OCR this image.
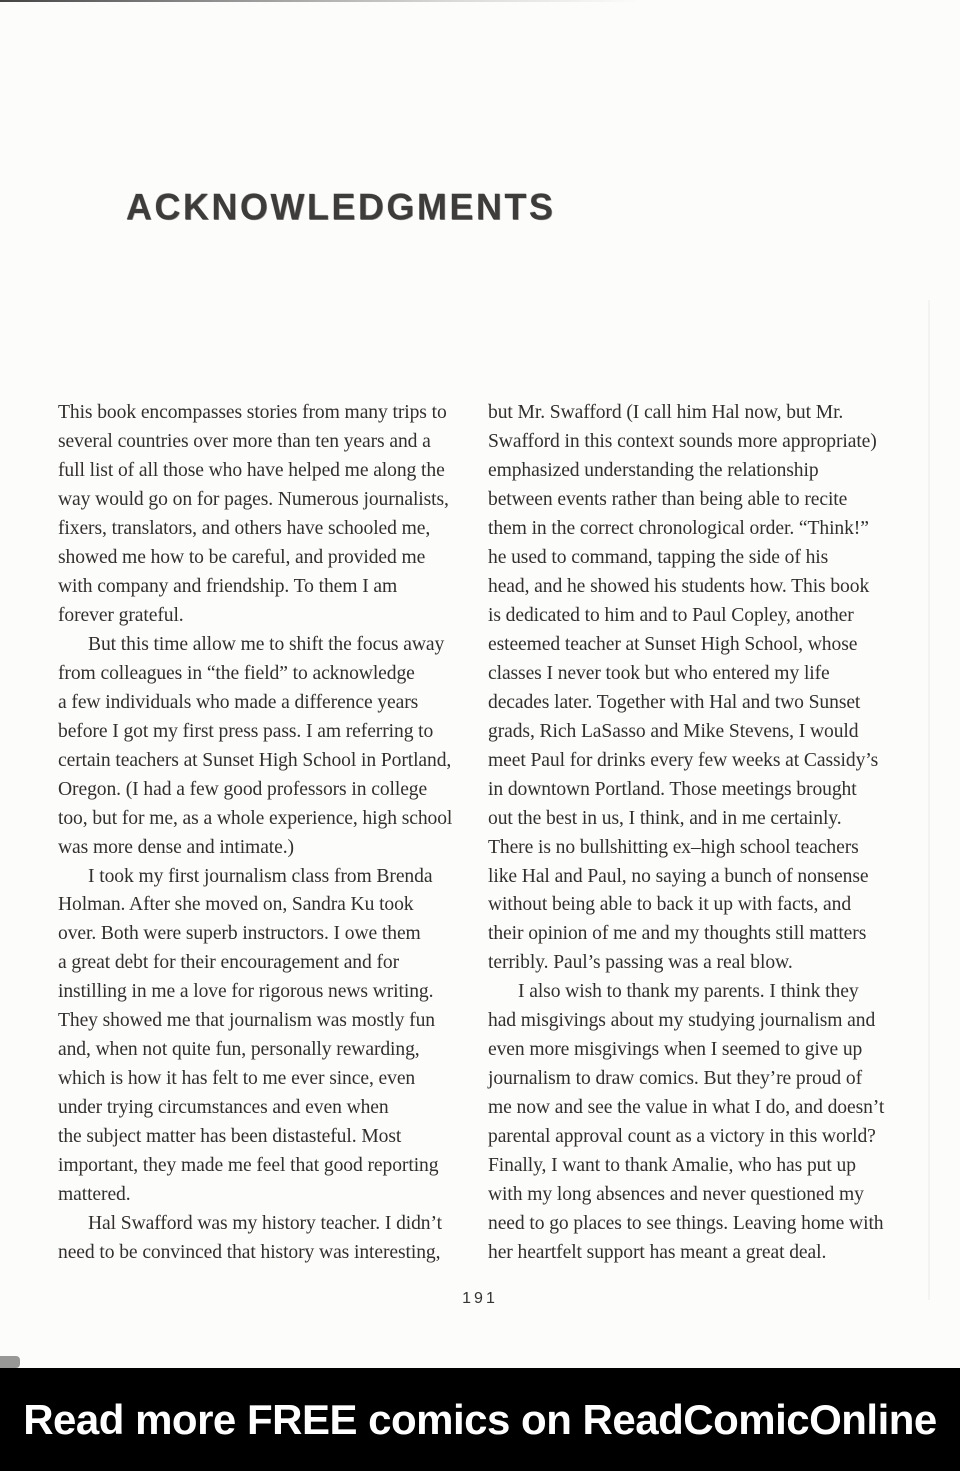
ACKNOWLEDGMENTS
This book encompasses stories from many trips to
several countries over more than ten years and a
full list of all those who have helped me along the
way would go on for pages. Numerous journalists,
fixers, translators, and others have schooled me,
showed me how to be careful, and provided me
with company and friendship. To them I am
forever grateful.
But this time allow me to shift the focus away
from colleagues in “the field” to acknowledge
a few individuals who made a difference years
before I got my first press pass. I am referring to
certain teachers at Sunset High School in Portland,
Oregon. (I had a few good professors in college
too, but for me, as a whole experience, high school
was more dense and intimate.)
I took my first journalism class from Brenda
Holman. After she moved on, Sandra Ku took
over. Both were superb instructors. I owe them
a great debt for their encouragement and for
instilling in me a love for rigorous news writing.
They showed me that journalism was mostly fun
and, when not quite fun, personally rewarding,
which is how it has felt to me ever since, even
under trying circumstances and even when
the subject matter has been distasteful. Most
important, they made me feel that good reporting
mattered.
Hal Swafford was my history teacher. I didn’t
need to be convinced that history was interesting,
but Mr. Swafford (I call him Hal now, but Mr.
Swafford in this context sounds more appropriate)
emphasized understanding the relationship
between events rather than being able to recite
them in the correct chronological order. “Think!”
he used to command, tapping the side of his
head, and he showed his students how. This book
is dedicated to him and to Paul Copley, another
esteemed teacher at Sunset High School, whose
classes I never took but who entered my life
decades later. Together with Hal and two Sunset
grads, Rich LaSasso and Mike Stevens, I would
meet Paul for drinks every few weeks at Cassidy’s
in downtown Portland. Those meetings brought
out the best in us, I think, and in me certainly.
There is no bullshitting ex–high school teachers
like Hal and Paul, no saying a bunch of nonsense
without being able to back it up with facts, and
their opinion of me and my thoughts still matters
terribly. Paul’s passing was a real blow.
I also wish to thank my parents. I think they
had misgivings about my studying journalism and
even more misgivings when I seemed to give up
journalism to draw comics. But they’re proud of
me now and see the value in what I do, and doesn’t
parental approval count as a victory in this world?
Finally, I want to thank Amalie, who has put up
with my long absences and never questioned my
need to go places to see things. Leaving home with
her heartfelt support has meant a great deal.
191
Read more FREE comics on ReadComicOnline
